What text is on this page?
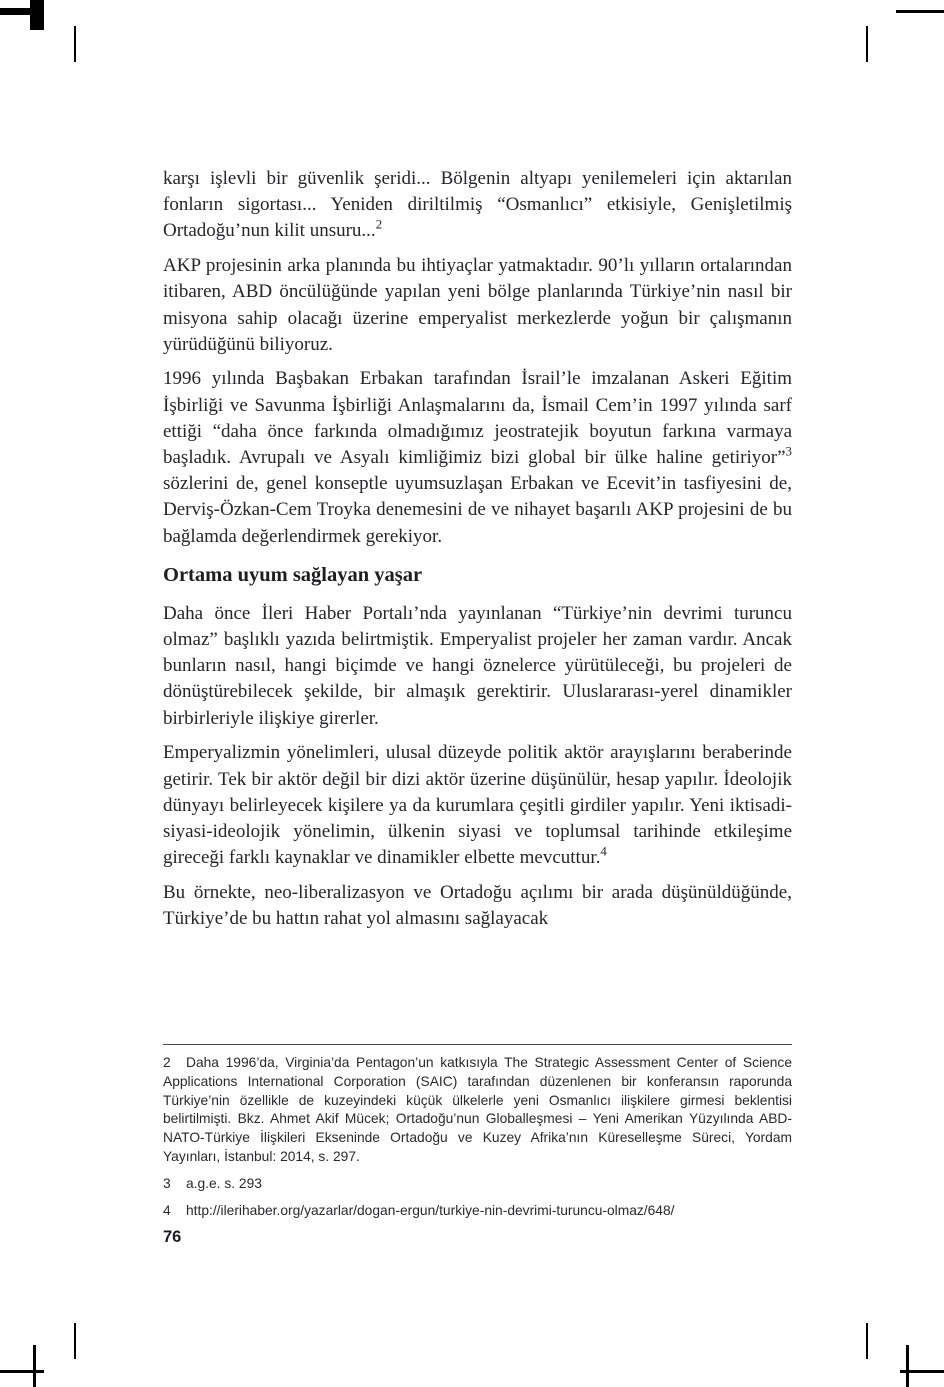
karşı işlevli bir güvenlik şeridi... Bölgenin altyapı yenilemeleri için aktarılan fonların sigortası... Yeniden diriltilmiş “Osmanlıcı” etkisiyle, Genişletilmiş Ortadoğu’nun kilit unsuru...$^2$

AKP projesinin arka planında bu ihtiyaçlar yatmaktadır. 90’lı yılların ortalarından itibaren, ABD öncülüğünde yapılan yeni bölge planlarında Türkiye’nin nasıl bir misyona sahip olacağı üzerine emperyalist merkezlerde yoğun bir çalışmanın yürüdüğünü biliyoruz.

1996 yılında Başbakan Erbakan tarafından İsrail’le imzalanan Askeri Eğitim İşbirliği ve Savunma İşbirliği Anlaşmalarını da, İsmail Cem’in 1997 yılında sarf ettiği “daha önce farkında olmadığımız jeostratejik boyutun farkına varmaya başladık. Avrupalı ve Asyalı kimliğimiz bizi global bir ülke haline getiriyor”$^3$ sözlerini de, genel konseptle uyumsuzlaşan Erbakan ve Ecevit’in tasfiyesini de, Derviş-Özkan-Cem Troyka denemesini de ve nihayet başarılı AKP projesini de bu bağlamda değerlendirmek gerekiyor.

Ortama uyum sağlayan yaşar

Daha önce İleri Haber Portalı’nda yayınlanan “Türkiye’nin devrimi turuncu olmaz” başlıklı yazıda belirtmiştik. Emperyalist projeler her zaman vardır. Ancak bunların nasıl, hangi biçimde ve hangi öznelerce yürütüleceği, bu projeleri de dönüştürebilecek şekilde, bir almaşık gerektirir. Uluslararası-yerel dinamikler birbirleriyle ilişkiye girerler.

Emperyalizmin yönelimleri, ulusal düzeyde politik aktör arayışlarını beraberinde getirir. Tek bir aktör değil bir dizi aktör üzerine düşünülür, hesap yapılır. İdeolojik dünyayı belirleyecek kişilere ya da kurumlara çeşitli girdiler yapılır. Yeni iktisadi-siyasi-ideolojik yönelimin, ülkenin siyasi ve toplumsal tarihinde etkileşime gireceği farklı kaynaklar ve dinamikler elbette mevcuttur.$^4$

Bu örnekte, neo-liberalizasyon ve Ortadoğu açılımı bir arada düşünüldüğünde, Türkiye’de bu hattın rahat yol almasını sağlayacak

2 Daha 1996’da, Virginia’da Pentagon’un katkısıyla The Strategic Assessment Center of Science Applications International Corporation (SAIC) tarafından düzenlenen bir konferansın raporunda Türkiye’nin özellikle de kuzeyindeki küçük ülkelerle yeni Osmanlıcı ilişkilere girmesi beklentisi belirtilmişti. Bkz. Ahmet Akif Mücek; Ortadoğu’nun Globalleşmesi – Yeni Amerikan Yüzyılında ABD-NATO-Türkiye İlişkileri Ekseninde Ortadoğu ve Kuzey Afrika’nın Küreselleşme Süreci, Yordam Yayınları, İstanbul: 2014, s. 297.

3 a.g.e. s. 293

4 http://ilerihaber.org/yazarlar/dogan-ergun/turkiye-nin-devrimi-turuncu-olmaz/648/

76
